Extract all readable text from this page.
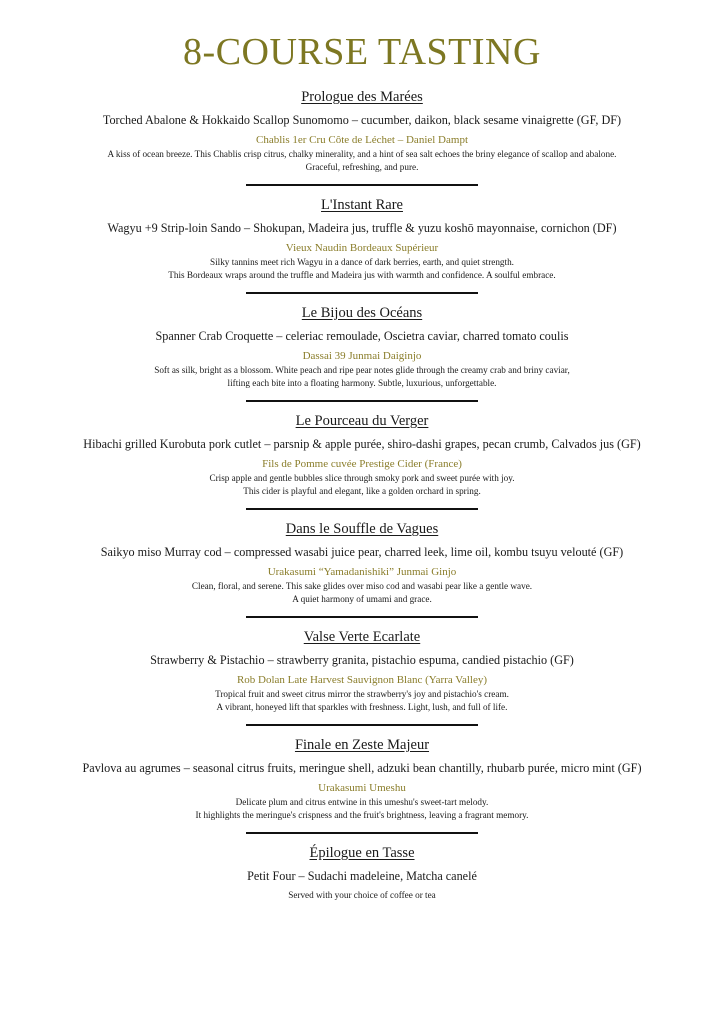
8-COURSE TASTING
Prologue des Marées
Torched Abalone & Hokkaido Scallop Sunomomo – cucumber, daikon, black sesame vinaigrette (GF, DF)
Chablis 1er Cru Côte de Léchet – Daniel Dampt
A kiss of ocean breeze. This Chablis crisp citrus, chalky minerality, and a hint of sea salt echoes the briny elegance of scallop and abalone.
Graceful, refreshing, and pure.
L'Instant Rare
Wagyu +9 Strip-loin Sando – Shokupan, Madeira jus, truffle & yuzu koshō mayonnaise, cornichon (DF)
Vieux Naudin Bordeaux Supérieur
Silky tannins meet rich Wagyu in a dance of dark berries, earth, and quiet strength.
This Bordeaux wraps around the truffle and Madeira jus with warmth and confidence. A soulful embrace.
Le Bijou des Océans
Spanner Crab Croquette – celeriac remoulade, Oscietra caviar, charred tomato coulis
Dassai 39 Junmai Daiginjo
Soft as silk, bright as a blossom. White peach and ripe pear notes glide through the creamy crab and briny caviar,
lifting each bite into a floating harmony. Subtle, luxurious, unforgettable.
Le Pourceau du Verger
Hibachi grilled Kurobuta pork cutlet – parsnip & apple purée, shiro-dashi grapes, pecan crumb, Calvados jus (GF)
Fils de Pomme cuvée Prestige Cider (France)
Crisp apple and gentle bubbles slice through smoky pork and sweet purée with joy.
This cider is playful and elegant, like a golden orchard in spring.
Dans le Souffle de Vagues
Saikyo miso Murray cod – compressed wasabi juice pear, charred leek, lime oil, kombu tsuyu velouté (GF)
Urakasumi “Yamadanishiki” Junmai Ginjo
Clean, floral, and serene. This sake glides over miso cod and wasabi pear like a gentle wave.
A quiet harmony of umami and grace.
Valse Verte Ecarlate
Strawberry & Pistachio – strawberry granita, pistachio espuma, candied pistachio (GF)
Rob Dolan Late Harvest Sauvignon Blanc (Yarra Valley)
Tropical fruit and sweet citrus mirror the strawberry's joy and pistachio's cream.
A vibrant, honeyed lift that sparkles with freshness. Light, lush, and full of life.
Finale en Zeste Majeur
Pavlova au agrumes – seasonal citrus fruits, meringue shell, adzuki bean chantilly, rhubarb purée, micro mint (GF)
Urakasumi Umeshu
Delicate plum and citrus entwine in this umeshu's sweet-tart melody.
It highlights the meringue's crispness and the fruit's brightness, leaving a fragrant memory.
Épilogue en Tasse
Petit Four – Sudachi madeleine, Matcha canelé
Served with your choice of coffee or tea
